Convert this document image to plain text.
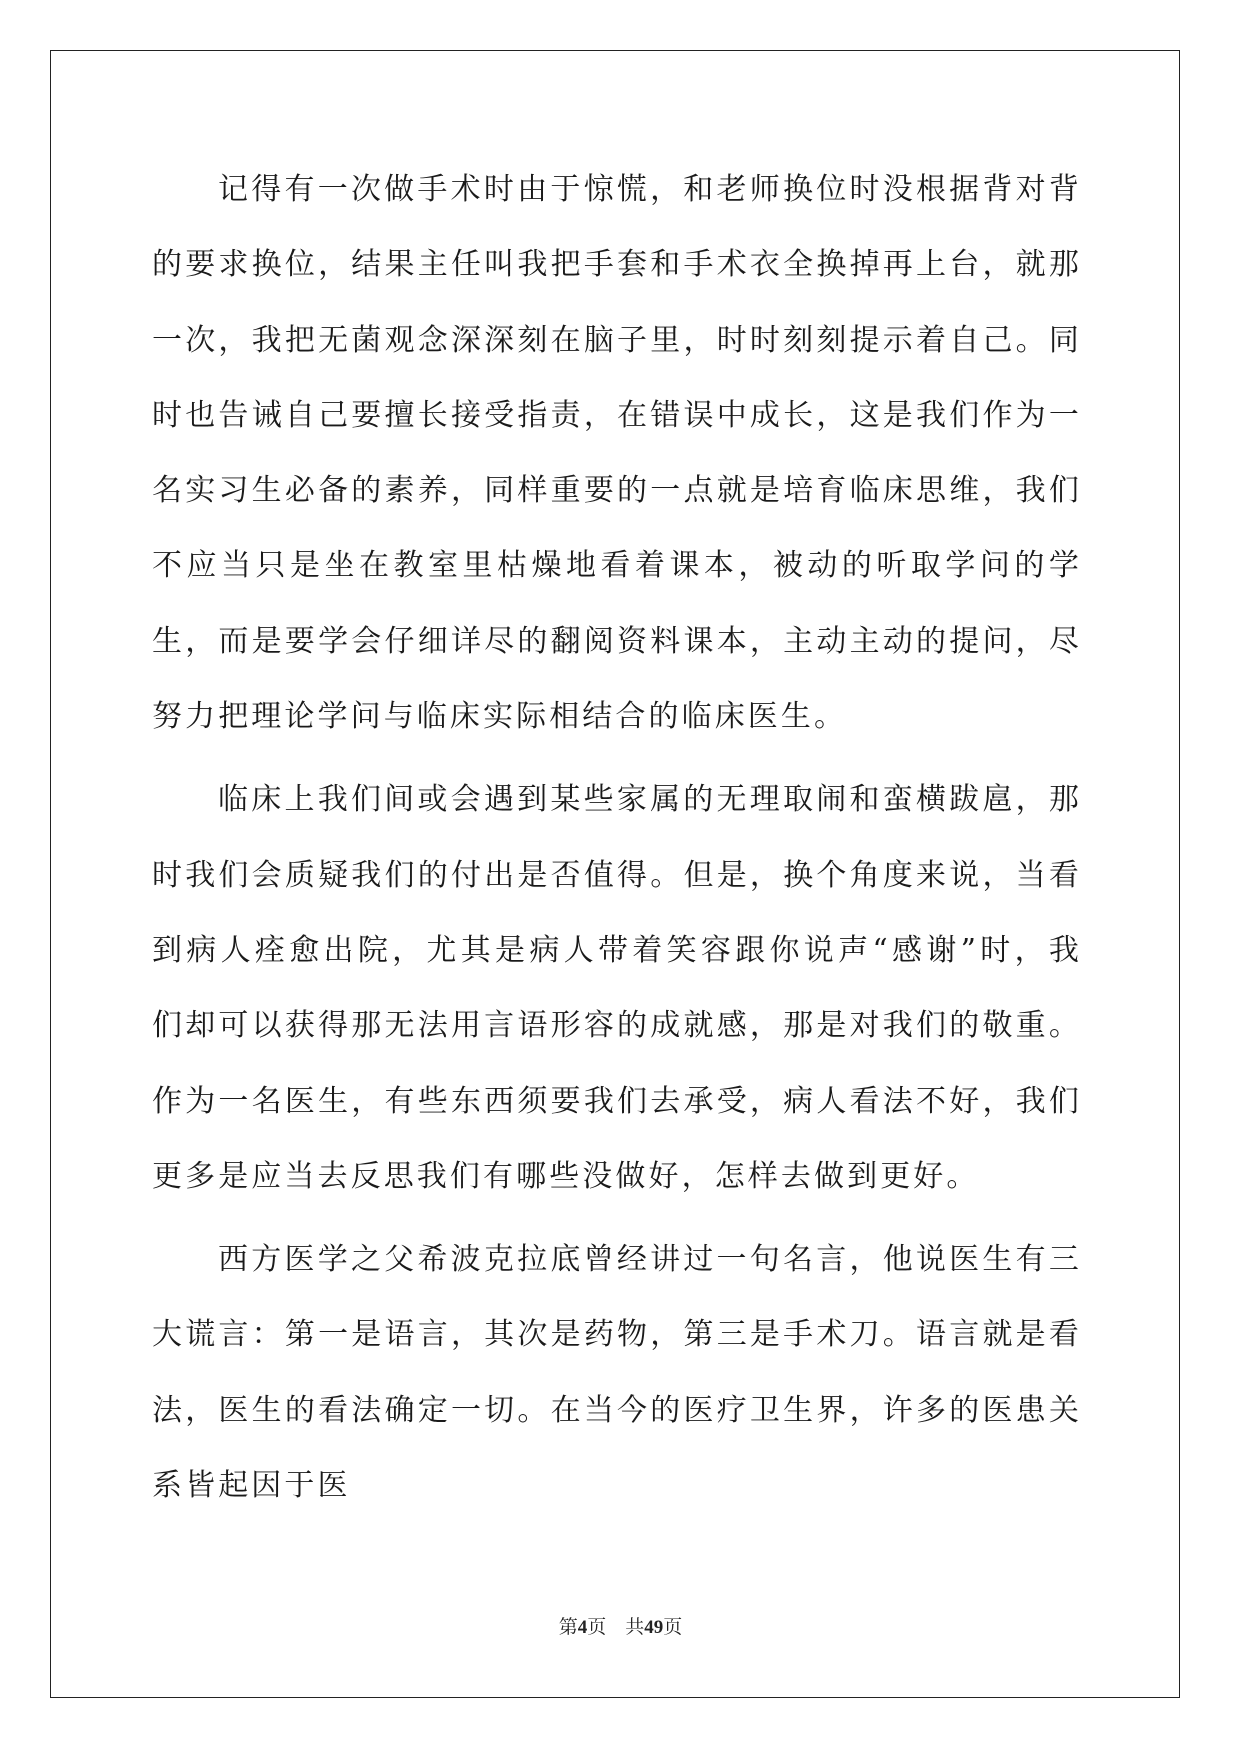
记得有一次做手术时由于惊慌，和老师换位时没根据背对背的要求换位，结果主任叫我把手套和手术衣全换掉再上台，就那一次，我把无菌观念深深刻在脑子里，时时刻刻提示着自己。同时也告诫自己要擅长接受指责，在错误中成长，这是我们作为一名实习生必备的素养，同样重要的一点就是培育临床思维，我们不应当只是坐在教室里枯燥地看着课本，被动的听取学问的学生，而是要学会仔细详尽的翻阅资料课本，主动主动的提问，尽努力把理论学问与临床实际相结合的临床医生。

临床上我们间或会遇到某些家属的无理取闹和蛮横跋扈，那时我们会质疑我们的付出是否值得。但是，换个角度来说，当看到病人痊愈出院，尤其是病人带着笑容跟你说声“感谢”时，我们却可以获得那无法用言语形容的成就感，那是对我们的敬重。作为一名医生，有些东西须要我们去承受，病人看法不好，我们更多是应当去反思我们有哪些没做好，怎样去做到更好。

西方医学之父希波克拉底曾经讲过一句名言，他说医生有三大谎言：第一是语言，其次是药物，第三是手术刀。语言就是看法，医生的看法确定一切。在当今的医疗卫生界，许多的医患关系皆起因于医

第4页 共49页
